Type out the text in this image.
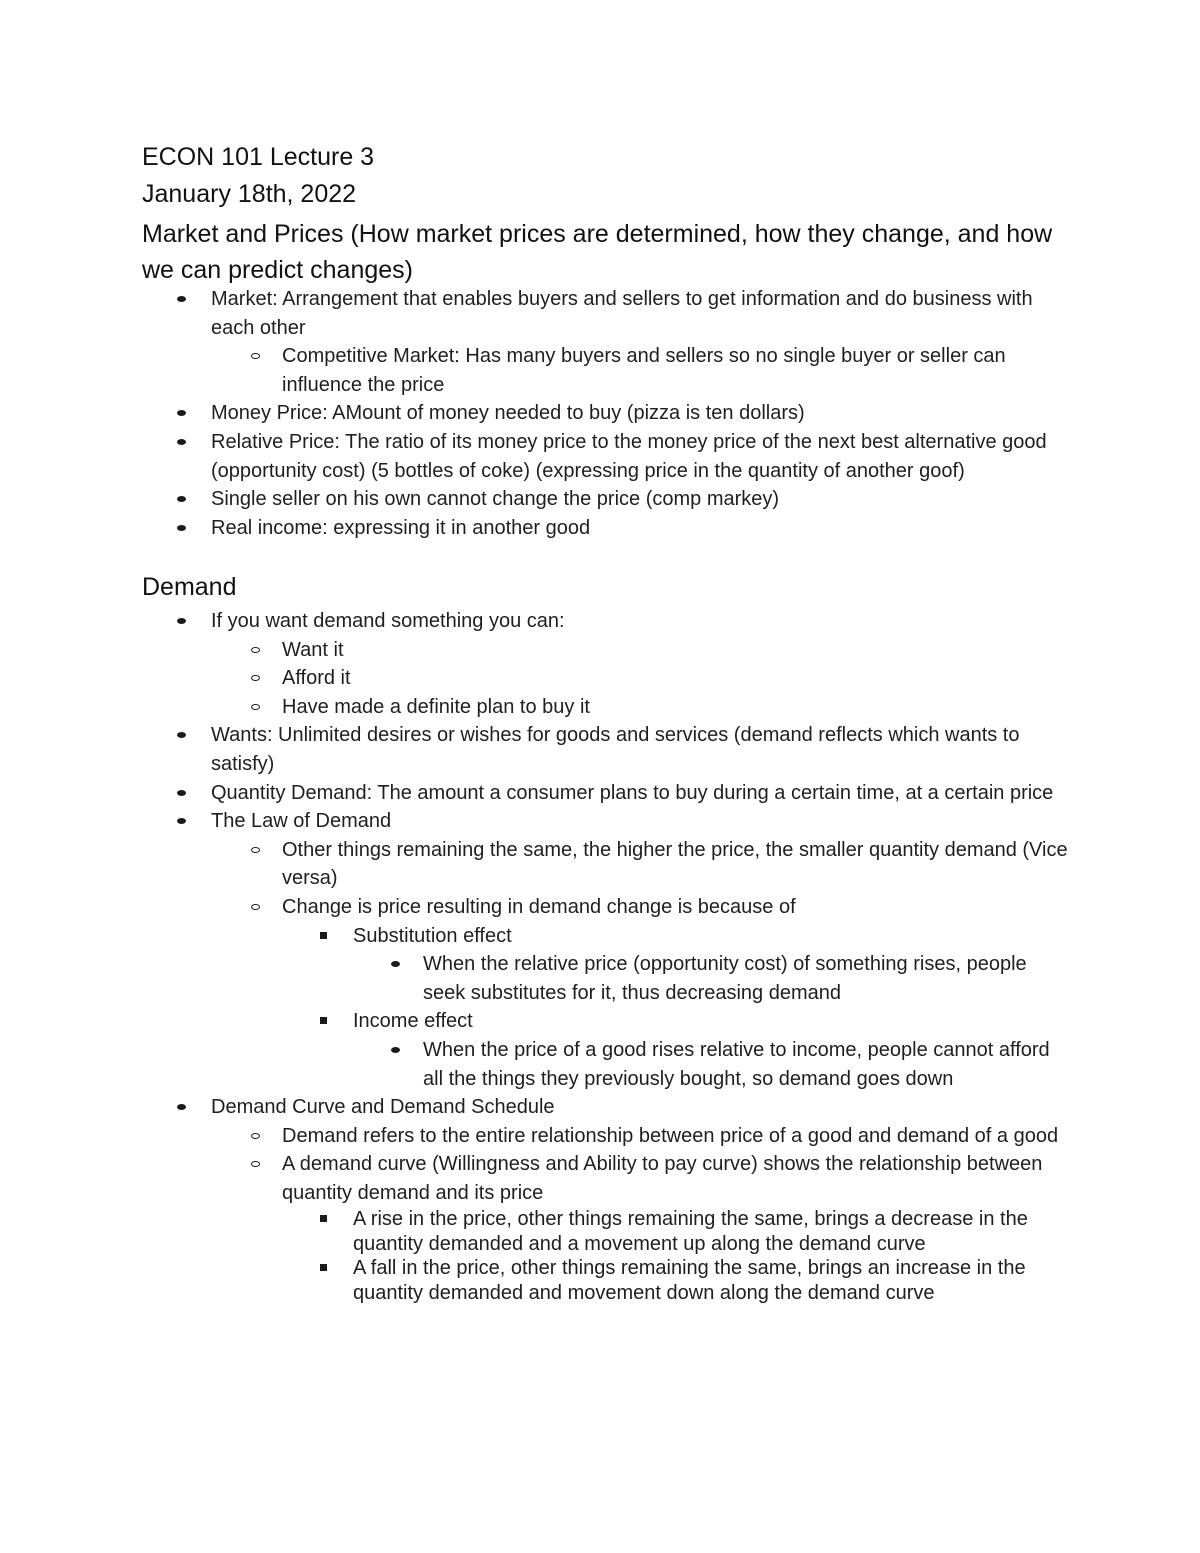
ECON 101 Lecture 3
January 18th, 2022
Market and Prices (How market prices are determined, how they change, and how we can predict changes)
Market: Arrangement that enables buyers and sellers to get information and do business with each other
Competitive Market: Has many buyers and sellers so no single buyer or seller can influence the price
Money Price: AMount of money needed to buy (pizza is ten dollars)
Relative Price: The ratio of its money price to the money price of the next best alternative good (opportunity cost) (5 bottles of coke) (expressing price in the quantity of another goof)
Single seller on his own cannot change the price (comp markey)
Real income: expressing it in another good
Demand
If you want demand something you can:
Want it
Afford it
Have made a definite plan to buy it
Wants: Unlimited desires or wishes for goods and services (demand reflects which wants to satisfy)
Quantity Demand: The amount a consumer plans to buy during a certain time, at a certain price
The Law of Demand
Other things remaining the same, the higher the price, the smaller quantity demand (Vice versa)
Change is price resulting in demand change is because of
Substitution effect
When the relative price (opportunity cost) of something rises, people seek substitutes for it, thus decreasing demand
Income effect
When the price of a good rises relative to income, people cannot afford all the things they previously bought, so demand goes down
Demand Curve and Demand Schedule
Demand refers to the entire relationship between price of a good and demand of a good
A demand curve (Willingness and Ability to pay curve) shows the relationship between quantity demand and its price
A rise in the price, other things remaining the same, brings a decrease in the quantity demanded and a movement up along the demand curve
A fall in the price, other things remaining the same, brings an increase in the quantity demanded and movement down along the demand curve
